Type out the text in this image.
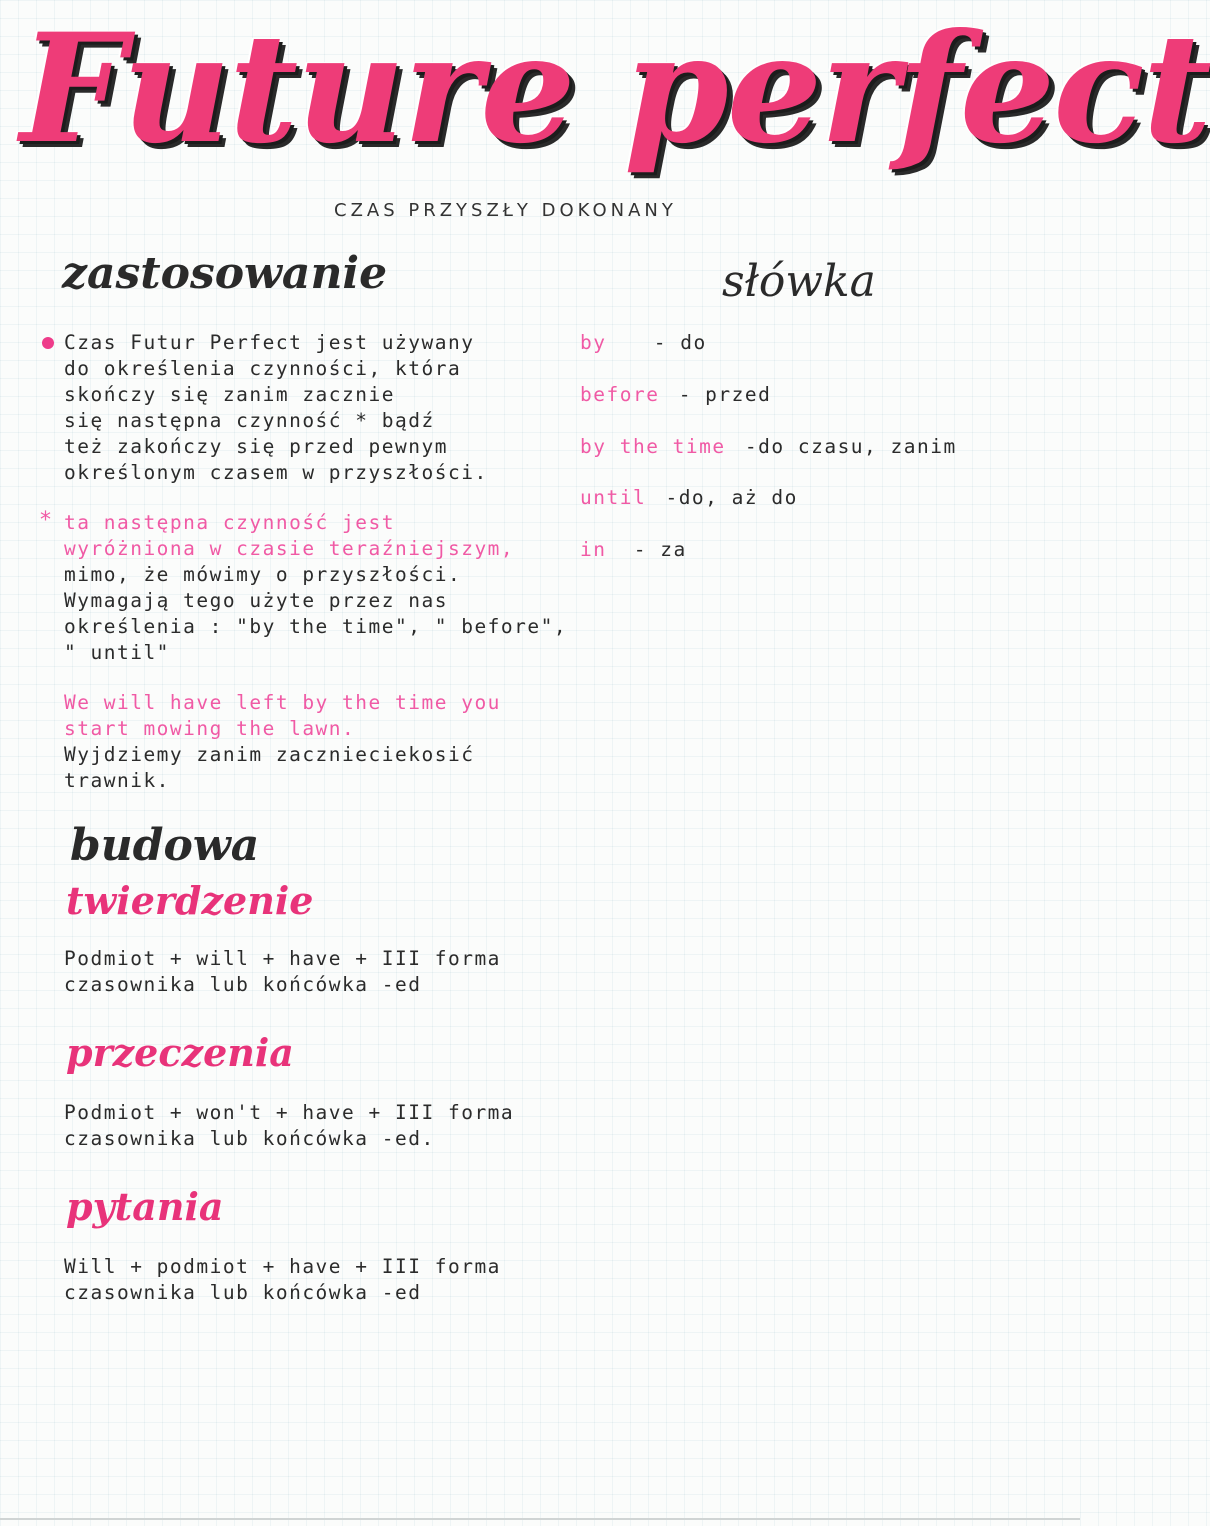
Future perfect
CZAS PRZYSZŁY DOKONANY
zastosowanie
Czas Futur Perfect jest używany
do określenia czynności, która
skończy się zanim zacznie
się następna czynność * bądź
też zakończy się przed pewnym
określonym czasem w przyszłości.
* ta następna czynność jest
wyróżniona w czasie teraźniejszym,
mimo, że mówimy o przyszłości.
Wymagają tego użyte przez nas
określenia : "by the time", " before",
" until"
We will have left by the time you
start mowing the lawn.
Wyjdziemy zanim zacznieciekosić
trawnik.
słówka
by - do
before - przed
by the time -do czasu, zanim
until -do, aż do
in - za
budowa
twierdzenie
Podmiot + will + have + III forma
czasownika lub końcówka -ed
przeczenia
Podmiot + won't + have + III forma
czasownika lub końcówka -ed.
pytania
Will + podmiot + have + III forma
czasownika lub końcówka -ed
